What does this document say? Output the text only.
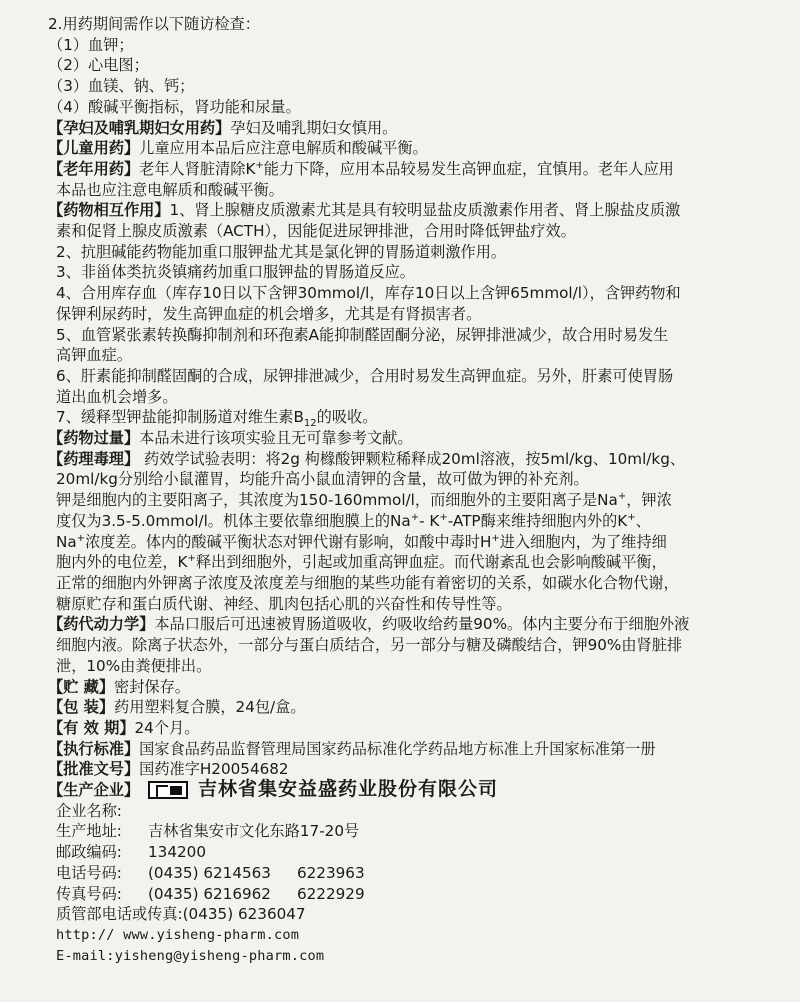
2.用药期间需作以下随访检查：
（1）血钾；
（2）心电图；
（3）血镁、钠、钙；
（4）酸碱平衡指标，肾功能和尿量。
【孕妇及哺乳期妇女用药】孕妇及哺乳期妇女慎用。
【儿童用药】儿童应用本品后应注意电解质和酸碱平衡。
【老年用药】老年人肾脏清除K+能力下降，应用本品较易发生高钾血症，宜慎用。老年人应用
本品也应注意电解质和酸碱平衡。
【药物相互作用】1、肾上腺糖皮质激素尤其是具有较明显盐皮质激素作用者、肾上腺盐皮质激
素和促肾上腺皮质激素（ACTH），因能促进尿钾排泄，合用时降低钾盐疗效。
2、抗胆碱能药物能加重口服钾盐尤其是氯化钾的胃肠道刺激作用。
3、非甾体类抗炎镇痛药加重口服钾盐的胃肠道反应。
4、合用库存血（库存10日以下含钾30mmol/l，库存10日以上含钾65mmol/l），含钾药物和
保钾利尿药时，发生高钾血症的机会增多，尤其是有肾损害者。
5、血管紧张素转换酶抑制剂和环孢素A能抑制醛固酮分泌，尿钾排泄减少，故合用时易发生
高钾血症。
6、肝素能抑制醛固酮的合成，尿钾排泄减少，合用时易发生高钾血症。另外，肝素可使胃肠
道出血机会增多。
7、缓释型钾盐能抑制肠道对维生素$B_{12}$的吸收。
【药物过量】本品未进行该项实验且无可靠参考文献。
【药理毒理】 药效学试验表明：将2g 枸橼酸钾颗粒稀释成20ml溶液，按5ml/kg、10ml/kg、
20ml/kg分别给小鼠灌胃，均能升高小鼠血清钾的含量，故可做为钾的补充剂。
钾是细胞内的主要阳离子，其浓度为150-160mmol/l，而细胞外的主要阳离子是Na+，钾浓
度仅为3.5-5.0mmol/l。机体主要依靠细胞膜上的Na+- K+-ATP酶来维持细胞内外的K+、
Na+浓度差。体内的酸碱平衡状态对钾代谢有影响，如酸中毒时H+进入细胞内，为了维持细
胞内外的电位差，K+释出到细胞外，引起或加重高钾血症。而代谢紊乱也会影响酸碱平衡，
正常的细胞内外钾离子浓度及浓度差与细胞的某些功能有着密切的关系，如碳水化合物代谢，
糖原贮存和蛋白质代谢、神经、肌肉包括心肌的兴奋性和传导性等。
【药代动力学】本品口服后可迅速被胃肠道吸收，约吸收给药量90%。体内主要分布于细胞外液
细胞内液。除离子状态外，一部分与蛋白质结合，另一部分与糖及磷酸结合，钾90%由肾脏排
泄，10%由粪便排出。
【贮 藏】密封保存。
【包 装】药用塑料复合膜，24包/盒。
【有 效 期】24个月。
【执行标准】国家食品药品监督管理局国家药品标准化学药品地方标准上升国家标准第一册
【批准文号】国药准字H20054682
【生产企业】	吉林省集安益盛药业股份有限公司
企业名称:
生产地址:	吉林省集安市文化东路17-20号
邮政编码:	134200
电话号码:	(0435) 6214563 6223963
传真号码:	(0435) 6216962 6222929
质管部电话或传真:(0435) 6236047
http:// www.yisheng-pharm.com
E-mail:yisheng@yisheng-pharm.com
